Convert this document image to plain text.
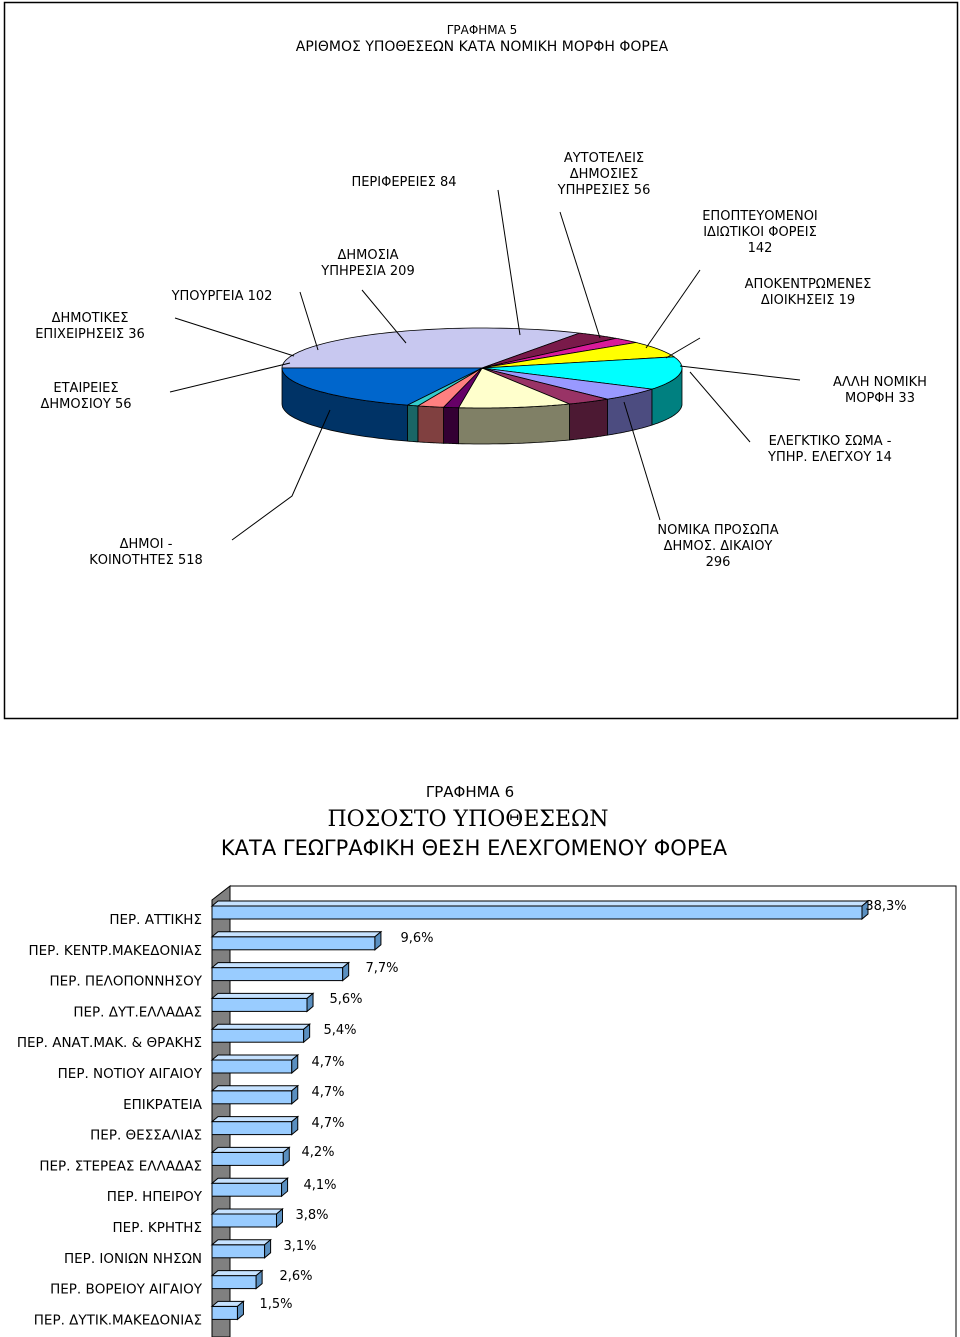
ΓΡΑΦΗΜΑ 5
ΑΡΙΘΜΟΣ ΥΠΟΘΕΣΕΩΝ ΚΑΤΑ ΝΟΜΙΚΗ ΜΟΡΦΗ ΦΟΡΕΑ
ΔΗΜΟΙ -ΚΟΙΝΟΤΗΤΕΣ 518
ΕΤΑΙΡΕΙΕΣ ΔΗΜΟΣΙΟΥ 56
ΔΗΜΟΤΙΚΕΣ ΕΠΙΧΕΙΡΗΣΕΙΣ 36
ΥΠΟΥΡΓΕΙΑ 102
ΔΗΜΟΣΙΑ ΥΠΗΡΕΣΙΑ 209
ΠΕΡΙΦΕΡΕΙΕΣ 84
ΑΥΤΟΤΕΛΕΙΣ ΔΗΜΟΣΙΕΣ ΥΠΗΡΕΣΙΕΣ 56
ΕΠΟΠΤΕΥΟΜΕΝΟΙ ΙΔΙΩΤΙΚΟΙ ΦΟΡΕΙΣ 142
ΑΠΟΚΕΝΤΡΩΜΕΝΕΣ ΔΙΟΙΚΗΣΕΙΣ 19
ΑΛΛΗ ΝΟΜΙΚΗ ΜΟΡΦΗ 33
ΕΛΕΓΚΤΙΚΟ ΣΩΜΑ -ΥΠΗΡ. ΕΛΕΓΧΟΥ 14
ΝΟΜΙΚΑ ΠΡΟΣΩΠΑ ΔΗΜΟΣ. ΔΙΚΑΙΟΥ 296
ΓΡΑΦΗΜΑ 6
ΠΟΣΟΣΤΟ ΥΠΟΘΕΣΕΩΝ
ΚΑΤΑ ΓΕΩΓΡΑΦΙΚΗ ΘΕΣΗ ΕΛΕΧΓΟΜΕΝΟΥ ΦΟΡΕΑ
ΠΕΡ. ΑΤΤΙΚΗΣ
ΠΕΡ. ΚΕΝΤΡ.ΜΑΚΕΔΟΝΙΑΣ
ΠΕΡ. ΠΕΛΟΠΟΝΝΗΣΟΥ
ΠΕΡ. ΔΥΤ.ΕΛΛΑΔΑΣ
ΠΕΡ. ΑΝΑΤ.ΜΑΚ. & ΘΡΑΚΗΣ
ΠΕΡ. ΝΟΤΙΟΥ ΑΙΓΑΙΟΥ
ΕΠΙΚΡΑΤΕΙΑ
ΠΕΡ. ΘΕΣΣΑΛΙΑΣ
ΠΕΡ. ΣΤΕΡΕΑΣ ΕΛΛΑΔΑΣ
ΠΕΡ. ΗΠΕΙΡΟΥ
ΠΕΡ. ΚΡΗΤΗΣ
ΠΕΡ. ΙΟΝΙΩΝ ΝΗΣΩΝ
ΠΕΡ. ΒΟΡΕΙΟΥ ΑΙΓΑΙΟΥ
ΠΕΡ. ΔΥΤΙΚ.ΜΑΚΕΔΟΝΙΑΣ
38,3%
9,6%
7,7%
5,6%
5,4%
4,7%
4,7%
4,7%
4,2%
4,1%
3,8%
3,1%
2,6%
1,5%
